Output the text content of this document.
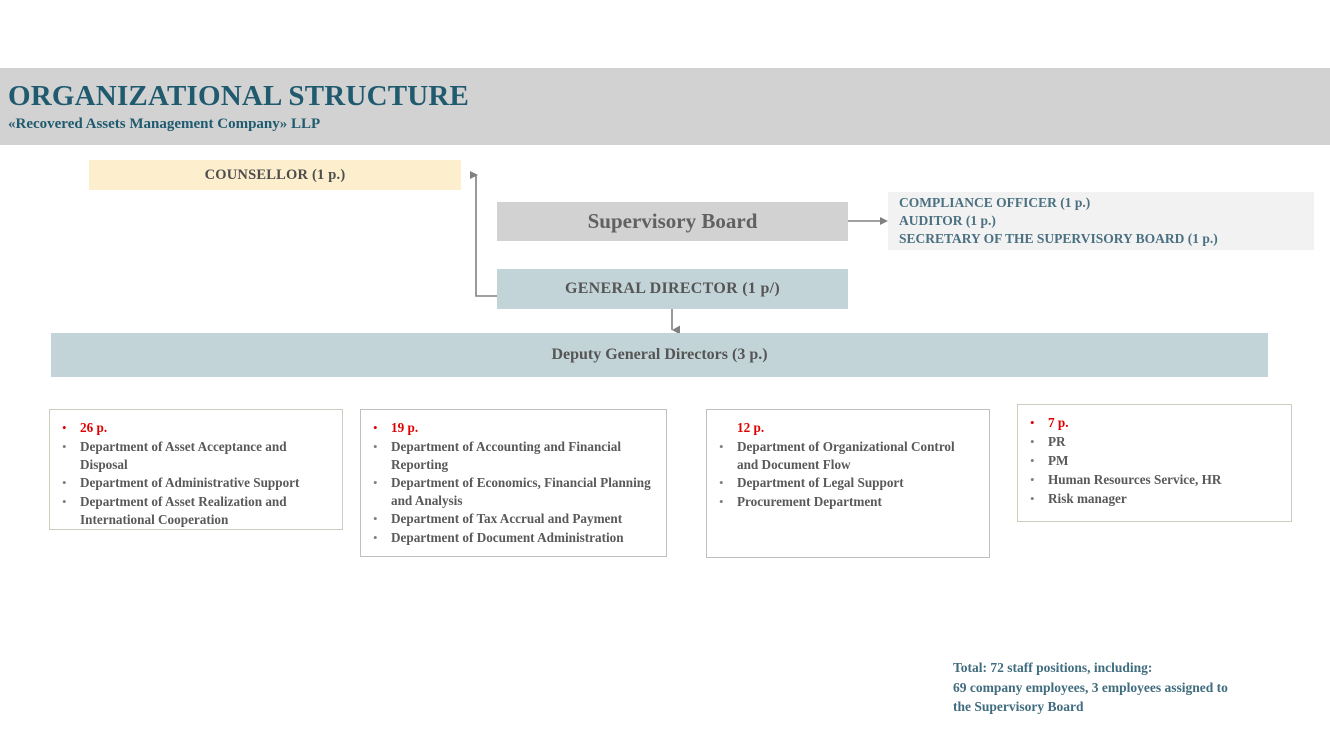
ORGANIZATIONAL STRUCTURE
«Recovered Assets Management Company» LLP
COUNSELLOR (1 p.)
Supervisory Board
COMPLIANCE OFFICER (1 p.)
AUDITOR (1 p.)
SECRETARY OF THE SUPERVISORY BOARD (1 p.)
GENERAL DIRECTOR (1 p/)
Deputy General Directors (3 p.)
•	26 p.
•	Department of Asset Acceptance and Disposal
•	Department of Administrative Support
•	Department of Asset Realization and International Cooperation
•	19 p.
•	Department of Accounting and Financial Reporting
•	Department of Economics, Financial Planning and Analysis
•	Department of Tax Accrual and Payment
•	Department of Document Administration
12 p.
•	Department of Organizational Control and Document Flow
•	Department of Legal Support
•	Procurement Department
•	7 p.
•	PR
•	PM
•	Human Resources Service, HR
•	Risk manager
Total: 72 staff positions, including:
69 company employees, 3 employees assigned to
the Supervisory Board
